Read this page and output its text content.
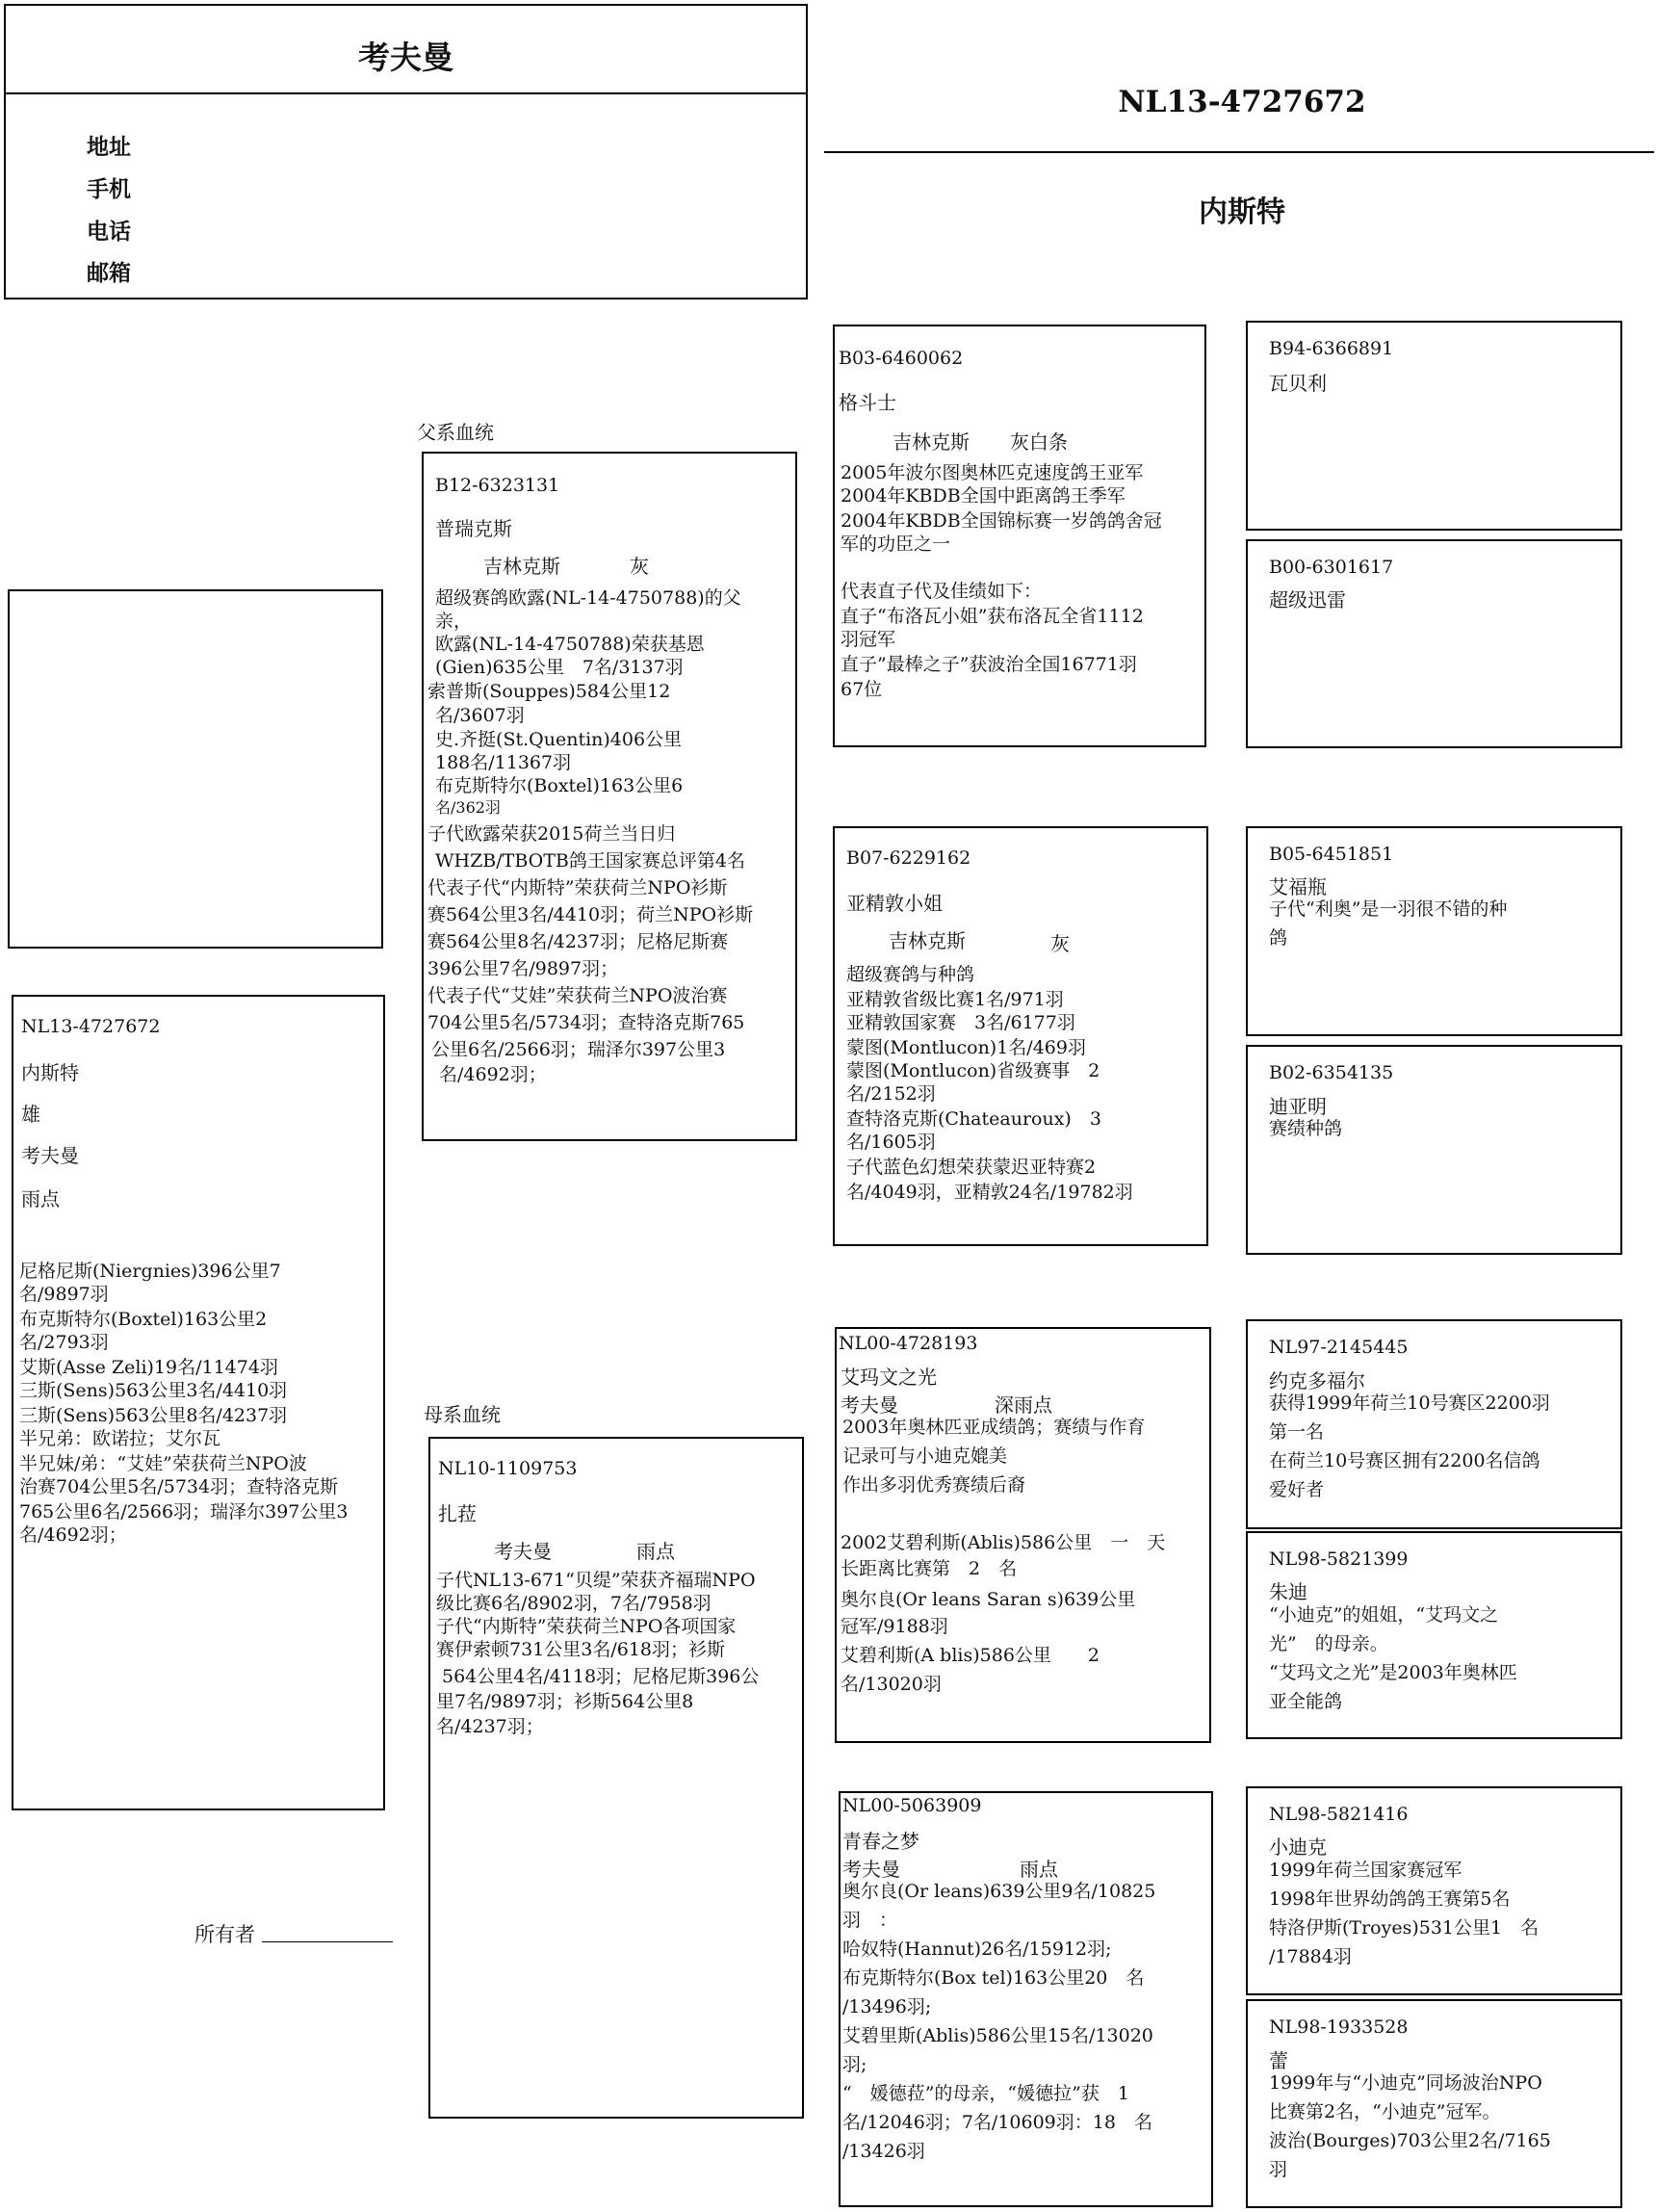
考夫曼
地址
手机
电话
邮箱
NL13-4727672
内斯特
NL13-4727672
内斯特
雄
考夫曼
雨点
尼格尼斯(Niergnies)396公里7
名/9897羽
布克斯特尔(Boxtel)163公里2
名/2793羽
艾斯(Asse Zeli)19名/11474羽
三斯(Sens)563公里3名/4410羽
三斯(Sens)563公里8名/4237羽
半兄弟：欧诺拉；艾尔瓦
半兄妹/弟：“艾娃”荣获荷兰NPO波
治赛704公里5名/5734羽；查特洛克斯
765公里6名/2566羽；瑞泽尔397公里3
名/4692羽；
父系血统
母系血统
B12-6323131
普瑞克斯
吉林克斯	灰
超级赛鸽欧露(NL-14-4750788)的父
亲，
欧露(NL-14-4750788)荣获基恩
(Gien)635公里　7名/3137羽
索普斯(Souppes)584公里12
名/3607羽
史.齐挺(St.Quentin)406公里
188名/11367羽
布克斯特尔(Boxtel)163公里6
名/362羽
子代欧露荣获2015荷兰当日归
WHZB/TBOTB鸽王国家赛总评第4名
代表子代“内斯特”荣获荷兰NPO衫斯
赛564公里3名/4410羽；荷兰NPO衫斯
赛564公里8名/4237羽；尼格尼斯赛
396公里7名/9897羽；
代表子代“艾娃”荣获荷兰NPO波治赛
704公里5名/5734羽；查特洛克斯765
公里6名/2566羽；瑞泽尔397公里3
名/4692羽；
NL10-1109753
扎菈
考夫曼	雨点
子代NL13-671“贝缇”荣获齐福瑞NPO
级比赛6名/8902羽，7名/7958羽
子代“内斯特”荣获荷兰NPO各项国家
赛伊索顿731公里3名/618羽；衫斯
564公里4名/4118羽；尼格尼斯396公
里7名/9897羽；衫斯564公里8
名/4237羽；
B03-6460062
格斗士
吉林克斯 灰白条
2005年波尔图奥林匹克速度鸽王亚军
2004年KBDB全国中距离鸽王季军
2004年KBDB全国锦标赛一岁鸽鸽舍冠
军的功臣之一
代表直子代及佳绩如下：
直子“布洛瓦小姐”获布洛瓦全省1112
羽冠军
直子”最棒之子”获波治全国16771羽
67位
B07-6229162
亚精敦小姐
吉林克斯	灰
超级赛鸽与种鸽
亚精敦省级比赛1名/971羽
亚精敦国家赛　3名/6177羽
蒙图(Montlucon)1名/469羽
蒙图(Montlucon)省级赛事　2
名/2152羽
查特洛克斯(Chateauroux)　3
名/1605羽
子代蓝色幻想荣获蒙迟亚特赛2
名/4049羽，亚精敦24名/19782羽
NL00-4728193
艾玛文之光
考夫曼	深雨点
2003年奥林匹亚成绩鸽；赛绩与作育
记录可与小迪克媲美
作出多羽优秀赛绩后裔
2002艾碧利斯(Ablis)586公里　一　天
长距离比赛第　2　名
奥尔良(Or leans Saran s)639公里
冠军/9188羽
艾碧利斯(A blis)586公里　　2
名/13020羽
NL00-5063909
青春之梦
考夫曼	雨点
奥尔良(Or leans)639公里9名/10825
羽　：
哈奴特(Hannut)26名/15912羽;
布克斯特尔(Box tel)163公里20　名
/13496羽;
艾碧里斯(Ablis)586公里15名/13020
羽;
“　媛德菈”的母亲，“媛德拉”获　1
名/12046羽；7名/10609羽：18　名
/13426羽
B94-6366891
瓦贝利
B00-6301617
超级迅雷
B05-6451851
艾福瓶
子代“利奥”是一羽很不错的种
鸽
B02-6354135
迪亚明
赛绩种鸽
NL97-2145445
约克多福尔
获得1999年荷兰10号赛区2200羽
第一名
在荷兰10号赛区拥有2200名信鸽
爱好者
NL98-5821399
朱迪
“小迪克”的姐姐，“艾玛文之
光”　的母亲。
“艾玛文之光”是2003年奥林匹
亚全能鸽
NL98-5821416
小迪克
1999年荷兰国家赛冠军
1998年世界幼鸽鸽王赛第5名
特洛伊斯(Troyes)531公里1　名
/17884羽
NL98-1933528
蕾
1999年与“小迪克”同场波治NPO
比赛第2名，“小迪克”冠军。
波治(Bourges)703公里2名/7165
羽
所有者
